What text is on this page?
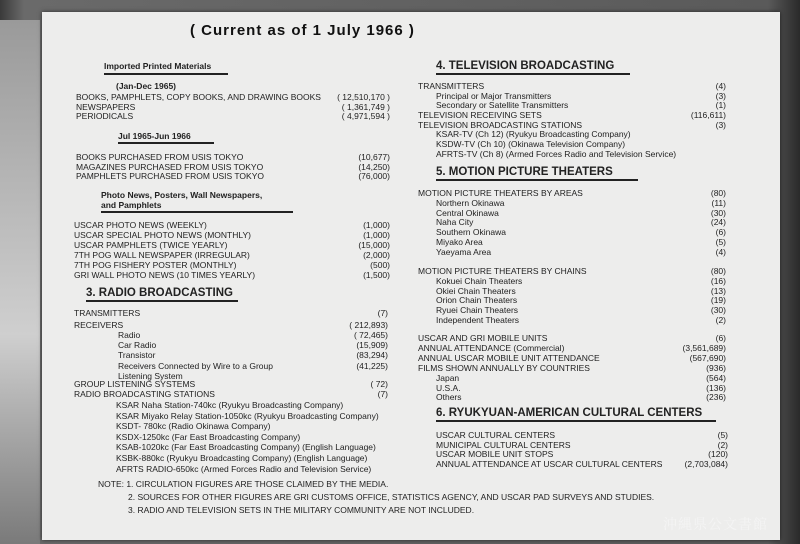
( Current as of 1 July 1966 )
Imported Printed Materials
(Jan-Dec 1965)
BOOKS, PAMPHLETS, COPY BOOKS, AND DRAWING BOOKS ( 12,510,170 )
NEWSPAPERS	( 1,361,749 )
PERIODICALS	( 4,971,594 )
Jul 1965-Jun 1966
BOOKS PURCHASED FROM USIS TOKYO	(10,677)
MAGAZINES PURCHASED FROM USIS TOKYO	(14,250)
PAMPHLETS PURCHASED FROM USIS TOKYO	(76,000)
Photo News, Posters, Wall Newspapers,
and Pamphlets
USCAR PHOTO NEWS (WEEKLY)	(1,000)
USCAR SPECIAL PHOTO NEWS (MONTHLY)	(1,000)
USCAR PAMPHLETS (TWICE YEARLY)	(15,000)
7TH POG WALL NEWSPAPER (IRREGULAR)	(2,000)
7TH POG FISHERY POSTER (MONTHLY)	(500)
GRI WALL PHOTO NEWS (10 TIMES YEARLY)	(1,500)
3. RADIO BROADCASTING
TRANSMITTERS	(7)
RECEIVERS	( 212,893)
Radio	( 72,465)
Car Radio	(15,909)
Transistor	(83,294)
Receivers Connected by Wire to a Group	(41,225)
Listening System
GROUP LISTENING SYSTEMS	( 72)
RADIO BROADCASTING STATIONS	(7)
KSAR Naha Station-740kc (Ryukyu Broadcasting Company)
KSAR Miyako Relay Station-1050kc (Ryukyu Broadcasting Company)
KSDT- 780kc (Radio Okinawa Company)
KSDX-1250kc (Far East Broadcasting Company)
KSAB-1020kc (Far East Broadcasting Company) (English Language)
KSBK-880kc (Ryukyu Broadcasting Company) (English Language)
AFRTS RADIO-650kc (Armed Forces Radio and Television Service)
4. TELEVISION BROADCASTING
TRANSMITTERS	(4)
Principal or Major Transmitters	(3)
Secondary or Satellite Transmitters	(1)
TELEVISION RECEIVING SETS	(116,611)
TELEVISION BROADCASTING STATIONS	(3)
KSAR-TV (Ch 12) (Ryukyu Broadcasting Company)
KSDW-TV (Ch 10) (Okinawa Television Company)
AFRTS-TV (Ch 8) (Armed Forces Radio and Television Service)
5. MOTION PICTURE THEATERS
MOTION PICTURE THEATERS BY AREAS	(80)
Northern Okinawa	(11)
Central Okinawa	(30)
Naha City	(24)
Southern Okinawa	(6)
Miyako Area	(5)
Yaeyama Area	(4)
MOTION PICTURE THEATERS BY CHAINS	(80)
Kokuei Chain Theaters	(16)
Okiei Chain Theaters	(13)
Orion Chain Theaters	(19)
Ryuei Chain Theaters	(30)
Independent Theaters	(2)
USCAR AND GRI MOBILE UNITS	(6)
ANNUAL ATTENDANCE (Commercial)	(3,561,689)
ANNUAL USCAR MOBILE UNIT ATTENDANCE	(567,690)
FILMS SHOWN ANNUALLY BY COUNTRIES	(936)
Japan	(564)
U.S.A.	(136)
Others	(236)
6. RYUKYUAN-AMERICAN CULTURAL CENTERS
USCAR CULTURAL CENTERS	(5)
MUNICIPAL CULTURAL CENTERS	(2)
USCAR MOBILE UNIT STOPS	(120)
ANNUAL ATTENDANCE AT USCAR CULTURAL CENTERS	(2,703,084)
NOTE: 1. CIRCULATION FIGURES ARE THOSE CLAIMED BY THE MEDIA.
2. SOURCES FOR OTHER FIGURES ARE GRI CUSTOMS OFFICE, STATISTICS AGENCY, AND USCAR PAD SURVEYS AND STUDIES.
3. RADIO AND TELEVISION SETS IN THE MILITARY COMMUNITY ARE NOT INCLUDED.
沖縄県公文書館
